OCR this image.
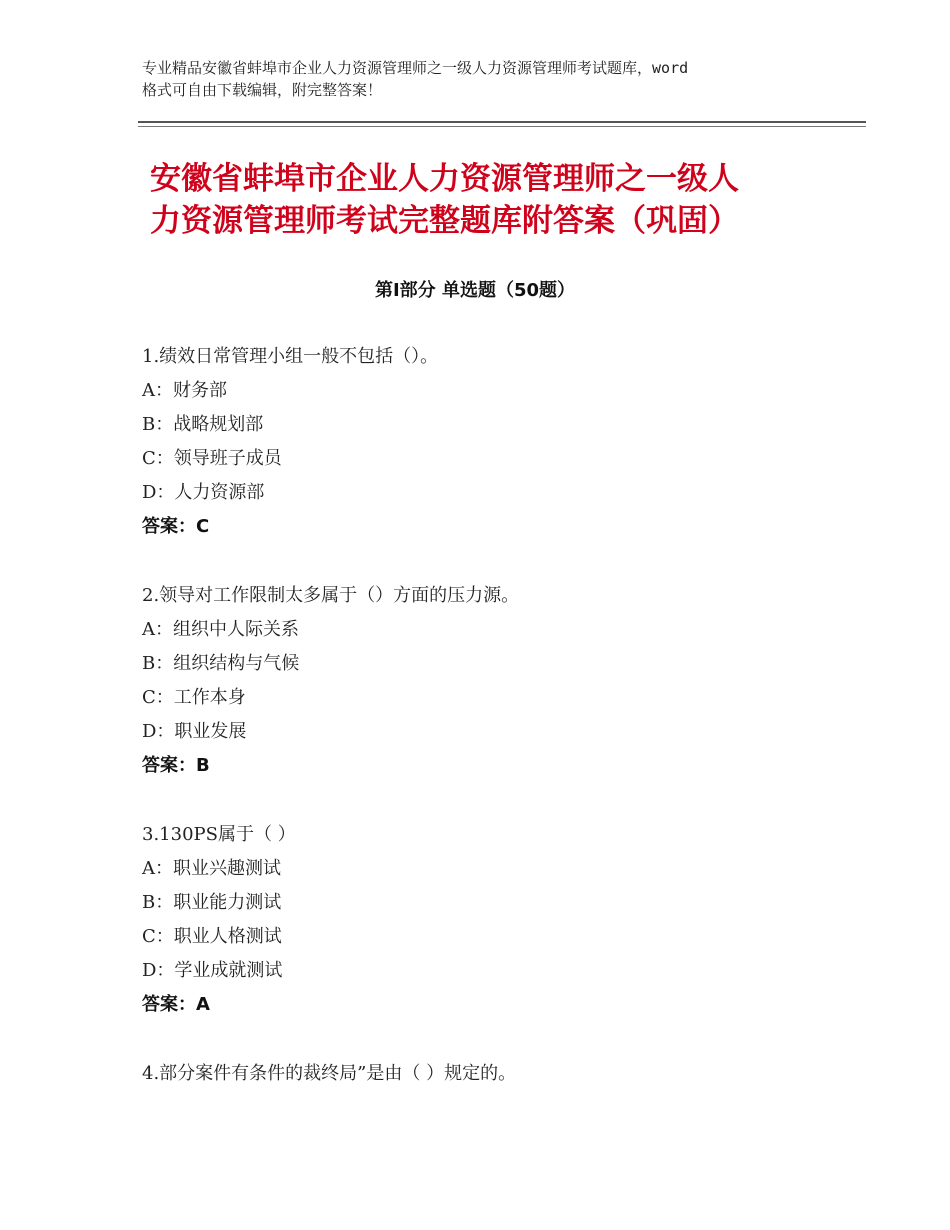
专业精品安徽省蚌埠市企业人力资源管理师之一级人力资源管理师考试题库，word
格式可自由下载编辑，附完整答案！
安徽省蚌埠市企业人力资源管理师之一级人
力资源管理师考试完整题库附答案（巩固）
第Ⅰ部分 单选题（50题）
1.绩效日常管理小组一般不包括（）。
A：财务部
B：战略规划部
C：领导班子成员
D：人力资源部
答案：C
2.领导对工作限制太多属于（）方面的压力源。
A：组织中人际关系
B：组织结构与气候
C：工作本身
D：职业发展
答案：B
3.130PS属于（ ）
A：职业兴趣测试
B：职业能力测试
C：职业人格测试
D：学业成就测试
答案：A
4.部分案件有条件的裁终局”是由（ ）规定的。
